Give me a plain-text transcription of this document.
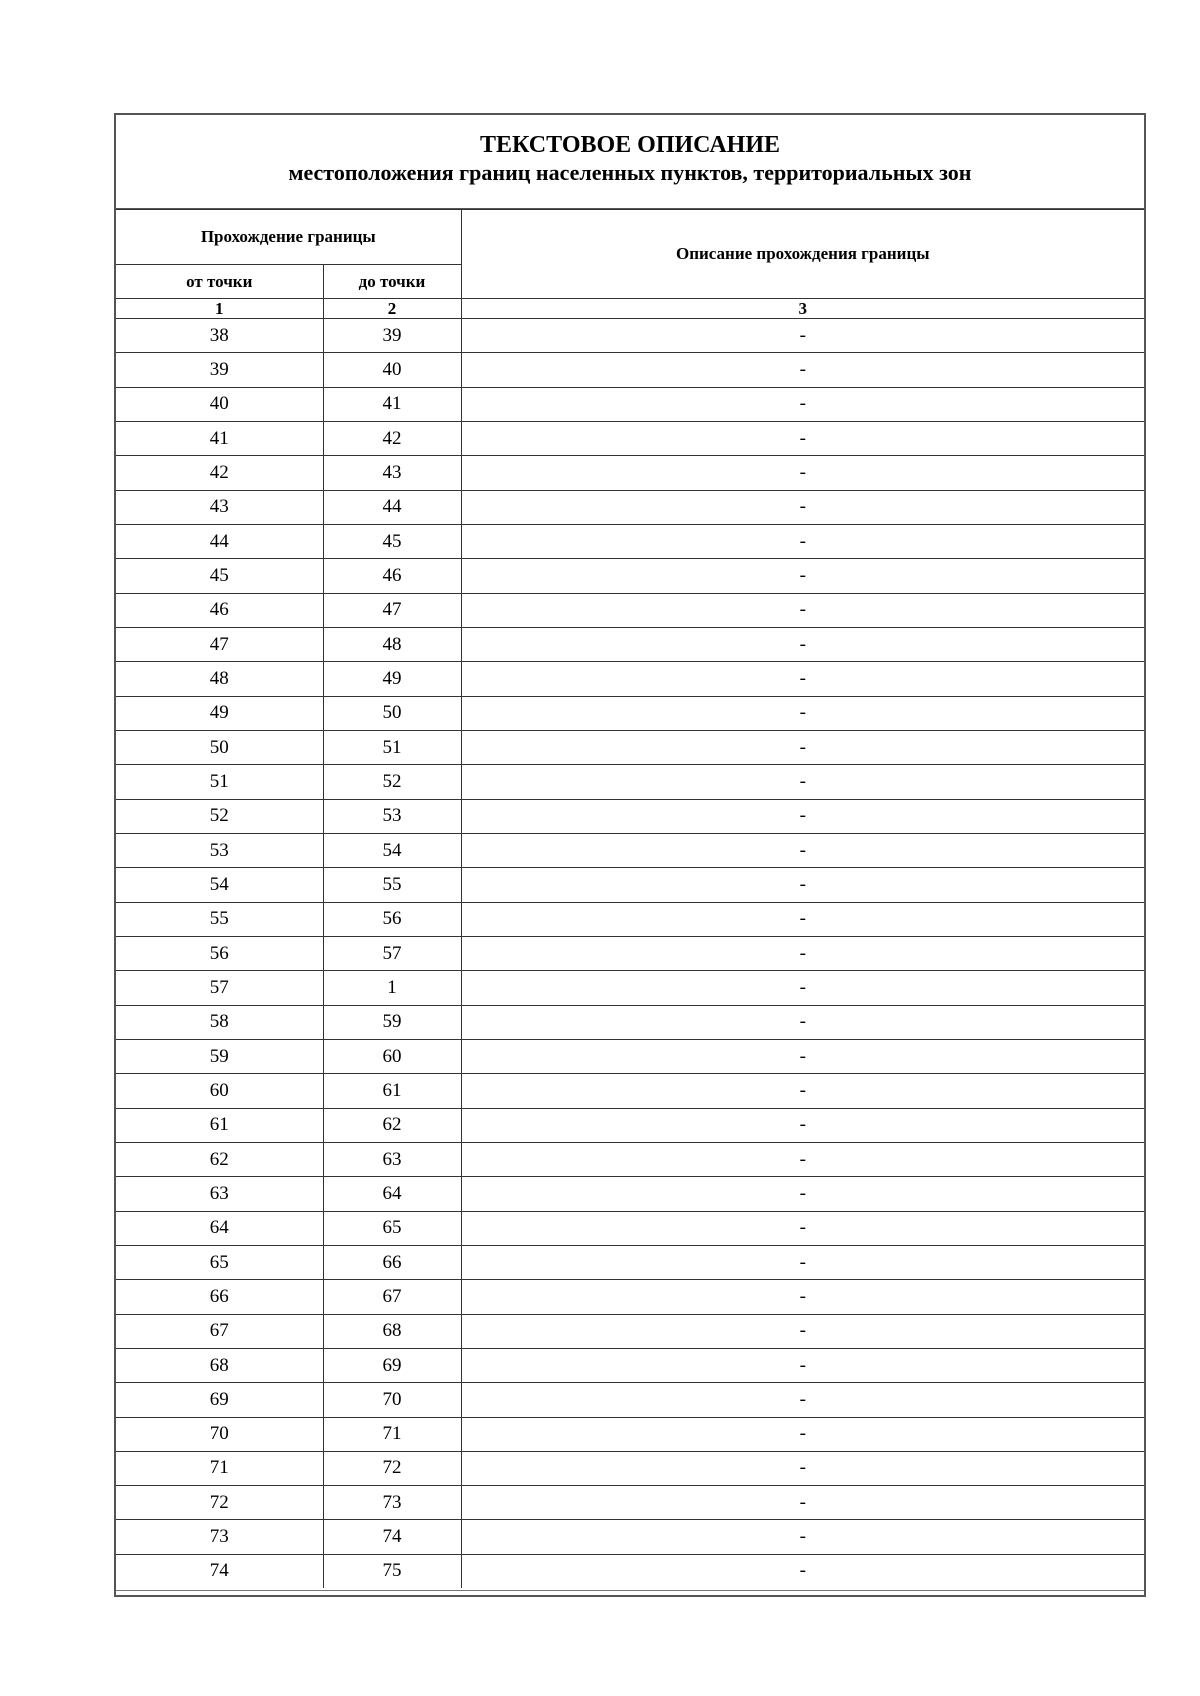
ТЕКСТОВОЕ ОПИСАНИЕ
местоположения границ населенных пунктов, территориальных зон
Прохождение границы		Описание прохождения границы
от точки	до точки	
1	2	3
38	39	-
39	40	-
40	41	-
41	42	-
42	43	-
43	44	-
44	45	-
45	46	-
46	47	-
47	48	-
48	49	-
49	50	-
50	51	-
51	52	-
52	53	-
53	54	-
54	55	-
55	56	-
56	57	-
57	1	-
58	59	-
59	60	-
60	61	-
61	62	-
62	63	-
63	64	-
64	65	-
65	66	-
66	67	-
67	68	-
68	69	-
69	70	-
70	71	-
71	72	-
72	73	-
73	74	-
74	75	-
